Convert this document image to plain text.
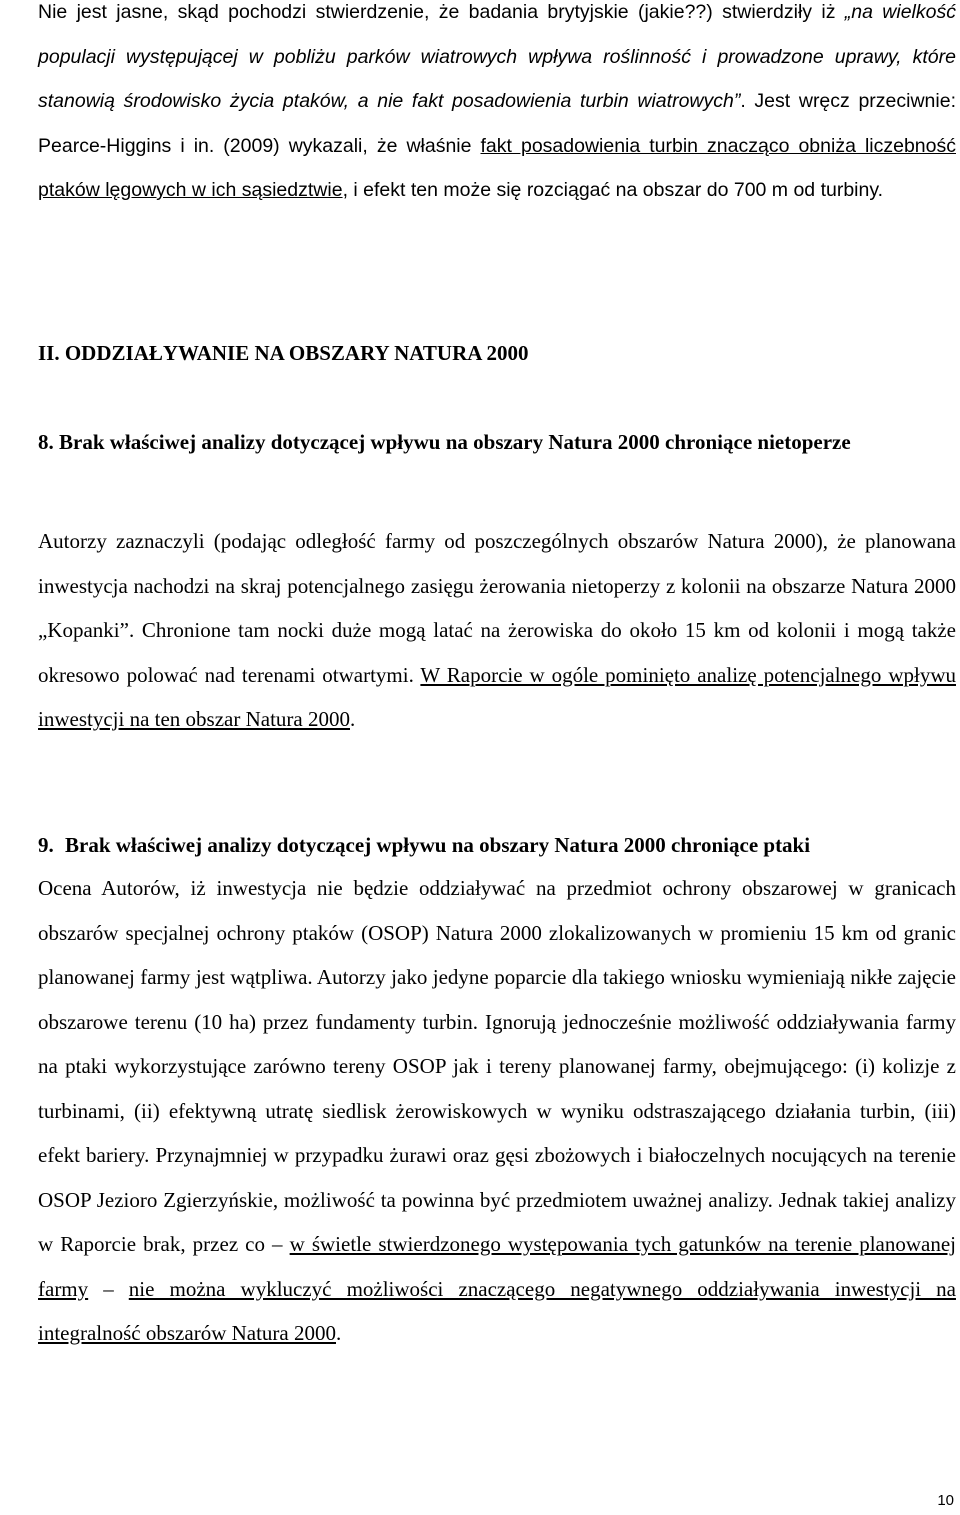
Nie jest jasne, skąd pochodzi stwierdzenie, że badania brytyjskie (jakie??) stwierdziły iż „na wielkość populacji występującej w pobliżu parków wiatrowych wpływa roślinność i prowadzone uprawy, które stanowią środowisko życia ptaków, a nie fakt posadowienia turbin wiatrowych”. Jest wręcz przeciwnie: Pearce-Higgins i in. (2009) wykazali, że właśnie fakt posadowienia turbin znacząco obniża liczebność ptaków lęgowych w ich sąsiedztwie, i efekt ten może się rozciągać na obszar do 700 m od turbiny.

II. ODDZIAŁYWANIE NA OBSZARY NATURA 2000
8. Brak właściwej analizy dotyczącej wpływu na obszary Natura 2000 chroniące nietoperze

Autorzy zaznaczyli (podając odległość farmy od poszczególnych obszarów Natura 2000), że planowana inwestycja nachodzi na skraj potencjalnego zasięgu żerowania nietoperzy z kolonii na obszarze Natura 2000 „Kopanki”. Chronione tam nocki duże mogą latać na żerowiska do około 15 km od kolonii i mogą także okresowo polować nad terenami otwartymi. W Raporcie w ogóle pominięto analizę potencjalnego wpływu inwestycji na ten obszar Natura 2000.

9. Brak właściwej analizy dotyczącej wpływu na obszary Natura 2000 chroniące ptaki

Ocena Autorów, iż inwestycja nie będzie oddziaływać na przedmiot ochrony obszarowej w granicach obszarów specjalnej ochrony ptaków (OSOP) Natura 2000 zlokalizowanych w promieniu 15 km od granic planowanej farmy jest wątpliwa. Autorzy jako jedyne poparcie dla takiego wniosku wymieniają nikłe zajęcie obszarowe terenu (10 ha) przez fundamenty turbin. Ignorują jednocześnie możliwość oddziaływania farmy na ptaki wykorzystujące zarówno tereny OSOP jak i tereny planowanej farmy, obejmującego: (i) kolizje z turbinami, (ii) efektywną utratę siedlisk żerowiskowych w wyniku odstraszającego działania turbin, (iii) efekt bariery. Przynajmniej w przypadku żurawi oraz gęsi zbożowych i białoczelnych nocujących na terenie OSOP Jezioro Zgierzyńskie, możliwość ta powinna być przedmiotem uważnej analizy. Jednak takiej analizy w Raporcie brak, przez co – w świetle stwierdzonego występowania tych gatunków na terenie planowanej farmy – nie można wykluczyć możliwości znaczącego negatywnego oddziaływania inwestycji na integralność obszarów Natura 2000.

10
